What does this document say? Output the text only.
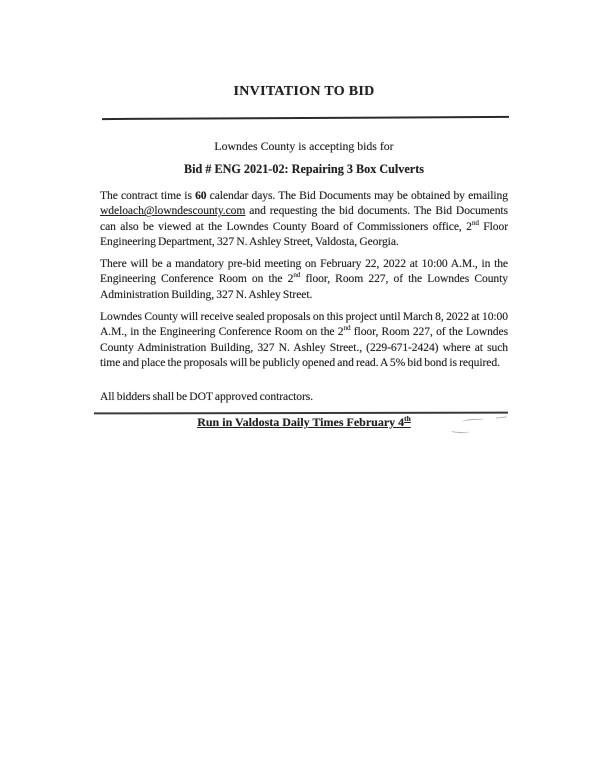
INVITATION TO BID

Lowndes County is accepting bids for

Bid # ENG 2021-02: Repairing 3 Box Culverts

The contract time is 60 calendar days. The Bid Documents may be obtained by emailing wdeloach@lowndescounty.com and requesting the bid documents. The Bid Documents can also be viewed at the Lowndes County Board of Commissioners office, 2nd Floor Engineering Department, 327 N. Ashley Street, Valdosta, Georgia.

There will be a mandatory pre-bid meeting on February 22, 2022 at 10:00 A.M., in the Engineering Conference Room on the 2nd floor, Room 227, of the Lowndes County Administration Building, 327 N. Ashley Street.

Lowndes County will receive sealed proposals on this project until March 8, 2022 at 10:00 A.M., in the Engineering Conference Room on the 2nd floor, Room 227, of the Lowndes County Administration Building, 327 N. Ashley Street., (229-671-2424) where at such time and place the proposals will be publicly opened and read. A 5% bid bond is required.

All bidders shall be DOT approved contractors.

Run in Valdosta Daily Times February 4th
